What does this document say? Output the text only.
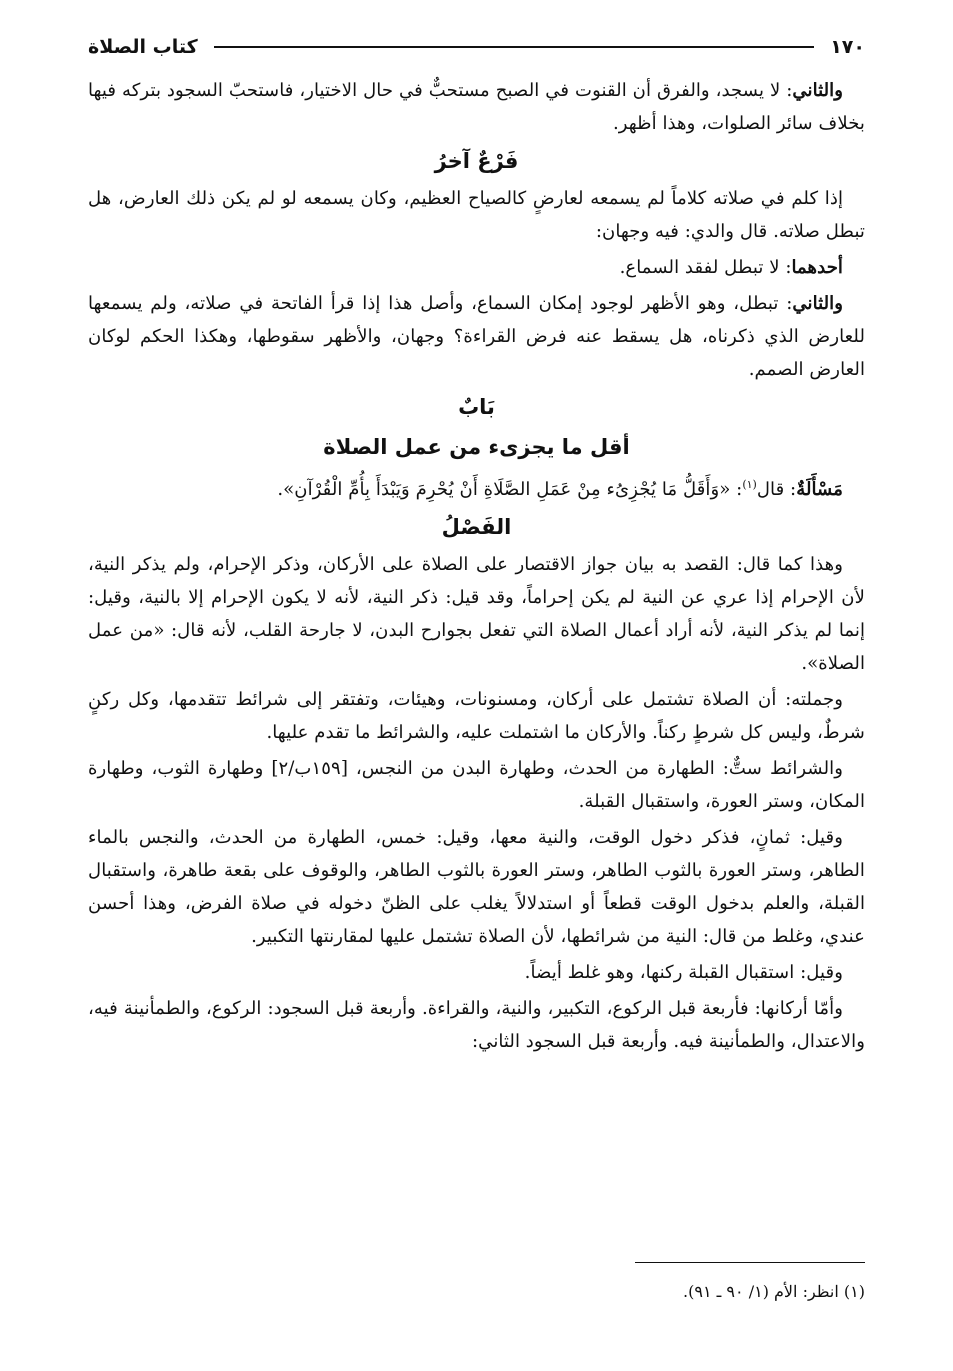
١٧٠
كتاب الصلاة

والثاني: لا يسجد، والفرق أن القنوت في الصبح مستحبٌّ في حال الاختيار، فاستحبّ السجود بتركه فيها بخلاف سائر الصلوات، وهذا أظهر.

فَرْعٌ آخرُ

إذا كلم في صلاته كلاماً لم يسمعه لعارضٍ كالصياح العظيم، وكان يسمعه لو لم يكن ذلك العارض، هل تبطل صلاته. قال والدي: فيه وجهان:

أحدهما: لا تبطل لفقد السماع.

والثاني: تبطل، وهو الأظهر لوجود إمكان السماع، وأصل هذا إذا قرأ الفاتحة في صلاته، ولم يسمعها للعارض الذي ذكرناه، هل يسقط عنه فرض القراءة؟ وجهان، والأظهر سقوطها، وهكذا الحكم لوكان العارض الصمم.

بَابٌ
أقل ما يجزىء من عمل الصلاة

مَسْأَلَةٌ: قال$^{(١)}$: «وَأَقَلُّ مَا يُجْزِىُء مِنْ عَمَلِ الصَّلَاةِ أَنْ يُحْرِمَ وَيَبْدَأَ بِأُمِّ الْقُرْآنِ».

الفَصْلُ

وهذا كما قال: القصد به بيان جواز الاقتصار على الصلاة على الأركان، وذكر الإحرام، ولم يذكر النية، لأن الإحرام إذا عري عن النية لم يكن إحراماً، وقد قيل: ذكر النية، لأنه لا يكون الإحرام إلا بالنية، وقيل: إنما لم يذكر النية، لأنه أراد أعمال الصلاة التي تفعل بجوارح البدن، لا جارحة القلب، لأنه قال: «من عمل الصلاة».

وجملته: أن الصلاة تشتمل على أركان، ومسنونات، وهيئات، وتفتقر إلى شرائط تتقدمها، وكل ركنٍ شرطٌ، وليس كل شرطٍ ركناً. والأركان ما اشتملت عليه، والشرائط ما تقدم عليها.

والشرائط ستٌّ: الطهارة من الحدث، وطهارة البدن من النجس، [١٥٩ب/٢] وطهارة الثوب، وطهارة المكان، وستر العورة، واستقبال القبلة.

وقيل: ثمانٍ، فذكر دخول الوقت، والنية معها، وقيل: خمس، الطهارة من الحدث، والنجس بالماء الطاهر، وستر العورة بالثوب الطاهر، وستر العورة بالثوب الطاهر، والوقوف على بقعة طاهرة، واستقبال القبلة، والعلم بدخول الوقت قطعاً أو استدلالاً يغلب على الظنّ دخوله في صلاة الفرض، وهذا أحسن عندي، وغلط من قال: النية من شرائطها، لأن الصلاة تشتمل عليها لمقارنتها التكبير.

وقيل: استقبال القبلة ركنها، وهو غلط أيضاً.

وأمّا أركانها: فأربعة قبل الركوع، التكبير، والنية، والقراءة. وأربعة قبل السجود: الركوع، والطمأنينة فيه، والاعتدال، والطمأنينة فيه. وأربعة قبل السجود الثاني:

(١) انظر: الأم (١/ ٩٠ ـ ٩١).
